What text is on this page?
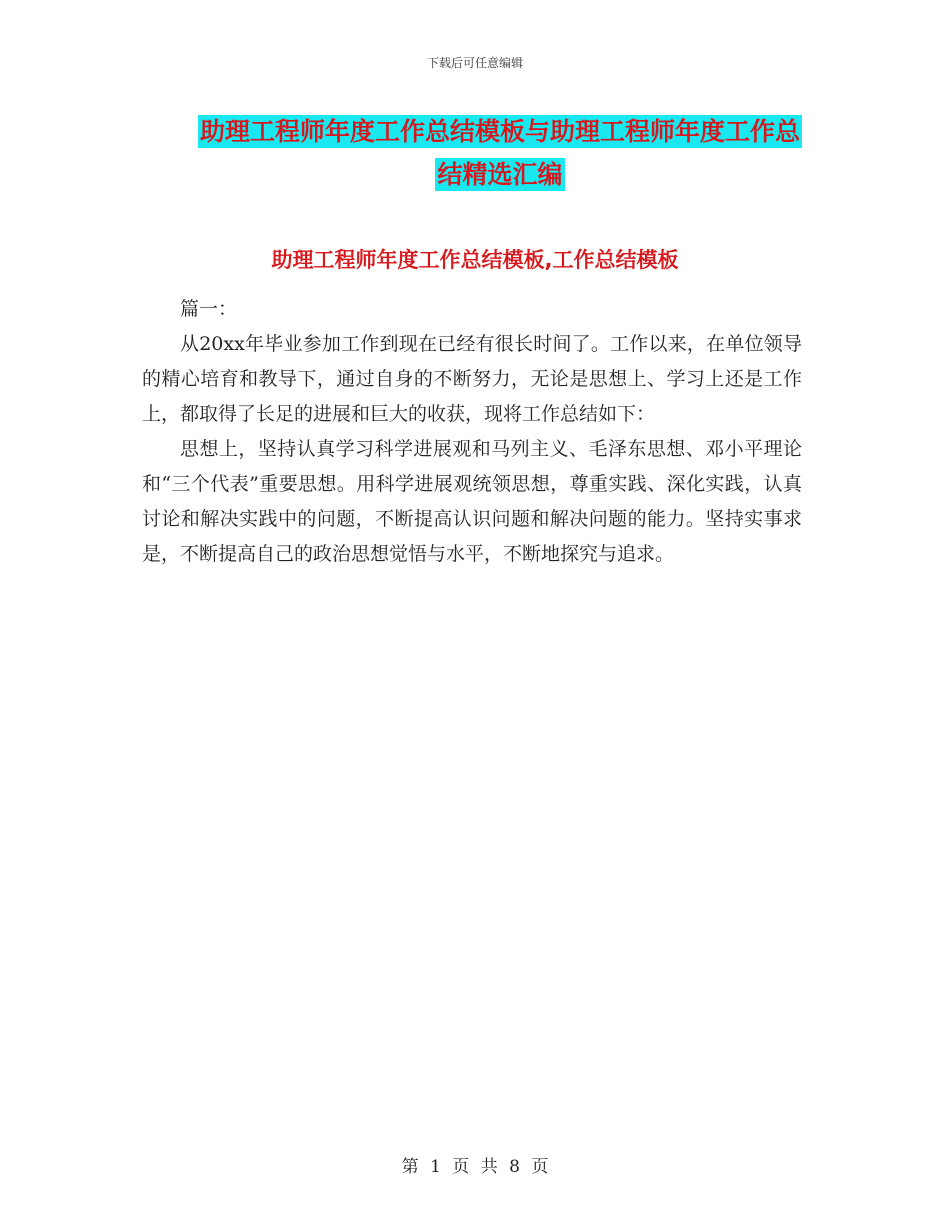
下载后可任意编辑
助理工程师年度工作总结模板与助理工程师年度工作总结精选汇编
助理工程师年度工作总结模板,工作总结模板

篇一：

从20xx年毕业参加工作到现在已经有很长时间了。工作以来，在单位领导的精心培育和教导下，通过自身的不断努力，无论是思想上、学习上还是工作上，都取得了长足的进展和巨大的收获，现将工作总结如下：

思想上，坚持认真学习科学进展观和马列主义、毛泽东思想、邓小平理论和“三个代表”重要思想。用科学进展观统领思想，尊重实践、深化实践，认真讨论和解决实践中的问题，不断提高认识问题和解决问题的能力。坚持实事求是，不断提高自己的政治思想觉悟与水平，不断地探究与追求。

第 1 页 共 8 页
